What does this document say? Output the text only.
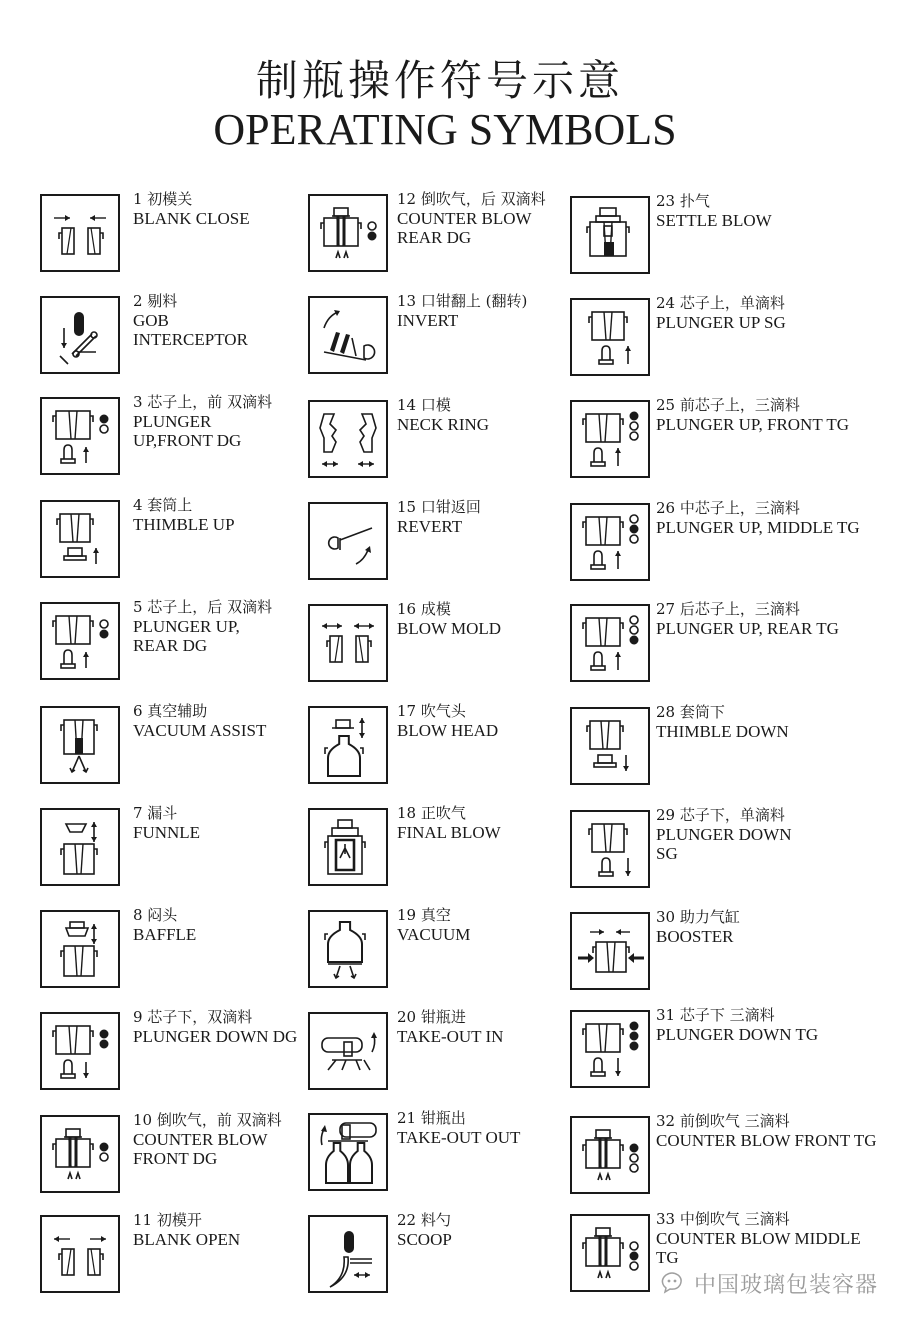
制瓶操作符号示意
OPERATING SYMBOLS
1 初模关
BLANK CLOSE
2 剔料
GOB
INTERCEPTOR
3 芯子上，前 双滴料
PLUNGER
UP,FRONT DG
4 套筒上
THIMBLE UP
5 芯子上，后 双滴料
PLUNGER UP,
REAR DG
6 真空辅助
VACUUM ASSIST
7 漏斗
FUNNLE
8 闷头
BAFFLE
9 芯子下，双滴料
PLUNGER DOWN DG
10 倒吹气，前 双滴料
COUNTER BLOW
FRONT DG
11 初模开
BLANK OPEN
12 倒吹气，后 双滴料
COUNTER BLOW
REAR DG
13 口钳翻上 (翻转)
INVERT
14 口模
NECK RING
15 口钳返回
REVERT
16 成模
BLOW MOLD
17 吹气头
BLOW HEAD
18 正吹气
FINAL BLOW
19 真空
VACUUM
20 钳瓶进
TAKE-OUT IN
21 钳瓶出
TAKE-OUT OUT
22 料勺
SCOOP
23 扑气
SETTLE BLOW
24 芯子上，单滴料
PLUNGER UP SG
25 前芯子上，三滴料
PLUNGER UP, FRONT TG
26 中芯子上，三滴料
PLUNGER UP, MIDDLE TG
27 后芯子上，三滴料
PLUNGER UP, REAR TG
28 套筒下
THIMBLE DOWN
29 芯子下，单滴料
PLUNGER DOWN
SG
30 助力气缸
BOOSTER
31 芯子下 三滴料
PLUNGER DOWN TG
32 前倒吹气 三滴料
COUNTER BLOW FRONT TG
33 中倒吹气 三滴料
COUNTER BLOW MIDDLE
TG
中国玻璃包装容器
